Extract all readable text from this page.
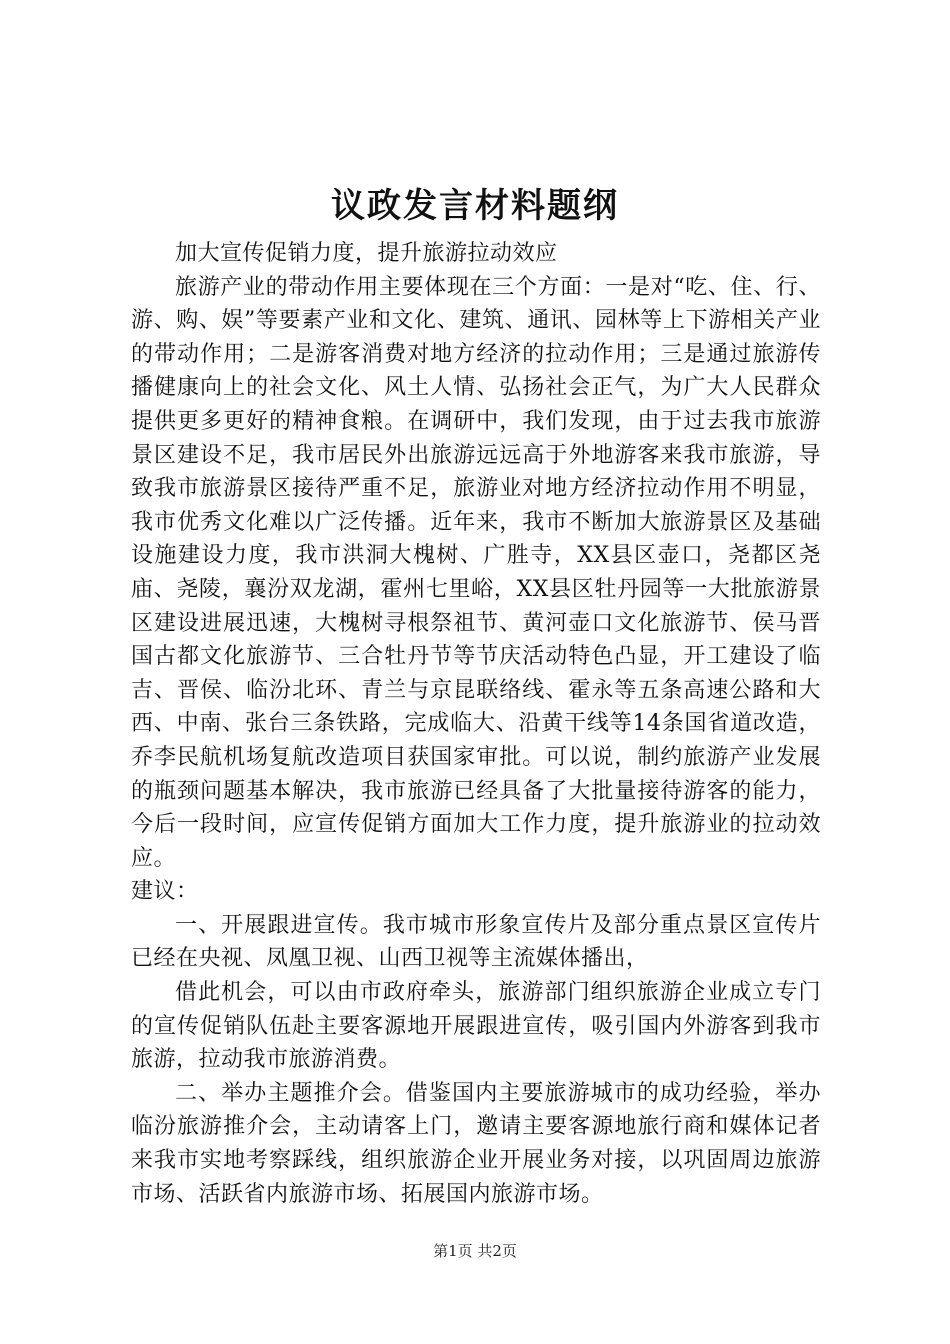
议政发言材料题纲

加大宣传促销力度，提升旅游拉动效应

旅游产业的带动作用主要体现在三个方面：一是对“吃、住、行、游、购、娱”等要素产业和文化、建筑、通讯、园林等上下游相关产业的带动作用；二是游客消费对地方经济的拉动作用；三是通过旅游传播健康向上的社会文化、风土人情、弘扬社会正气，为广大人民群众提供更多更好的精神食粮。在调研中，我们发现，由于过去我市旅游景区建设不足，我市居民外出旅游远远高于外地游客来我市旅游，导致我市旅游景区接待严重不足，旅游业对地方经济拉动作用不明显，我市优秀文化难以广泛传播。近年来，我市不断加大旅游景区及基础设施建设力度，我市洪洞大槐树、广胜寺，XX县区壶口，尧都区尧庙、尧陵，襄汾双龙湖，霍州七里峪，XX县区牡丹园等一大批旅游景区建设进展迅速，大槐树寻根祭祖节、黄河壶口文化旅游节、侯马晋国古都文化旅游节、三合牡丹节等节庆活动特色凸显，开工建设了临吉、晋侯、临汾北环、青兰与京昆联络线、霍永等五条高速公路和大西、中南、张台三条铁路，完成临大、沿黄干线等14条国省道改造，乔李民航机场复航改造项目获国家审批。可以说，制约旅游产业发展的瓶颈问题基本解决，我市旅游已经具备了大批量接待游客的能力，今后一段时间，应宣传促销方面加大工作力度，提升旅游业的拉动效应。

建议：

一、开展跟进宣传。我市城市形象宣传片及部分重点景区宣传片已经在央视、凤凰卫视、山西卫视等主流媒体播出，

借此机会，可以由市政府牵头，旅游部门组织旅游企业成立专门的宣传促销队伍赴主要客源地开展跟进宣传，吸引国内外游客到我市旅游，拉动我市旅游消费。

二、举办主题推介会。借鉴国内主要旅游城市的成功经验，举办临汾旅游推介会，主动请客上门，邀请主要客源地旅行商和媒体记者来我市实地考察踩线，组织旅游企业开展业务对接，以巩固周边旅游市场、活跃省内旅游市场、拓展国内旅游市场。

第1页 共2页
